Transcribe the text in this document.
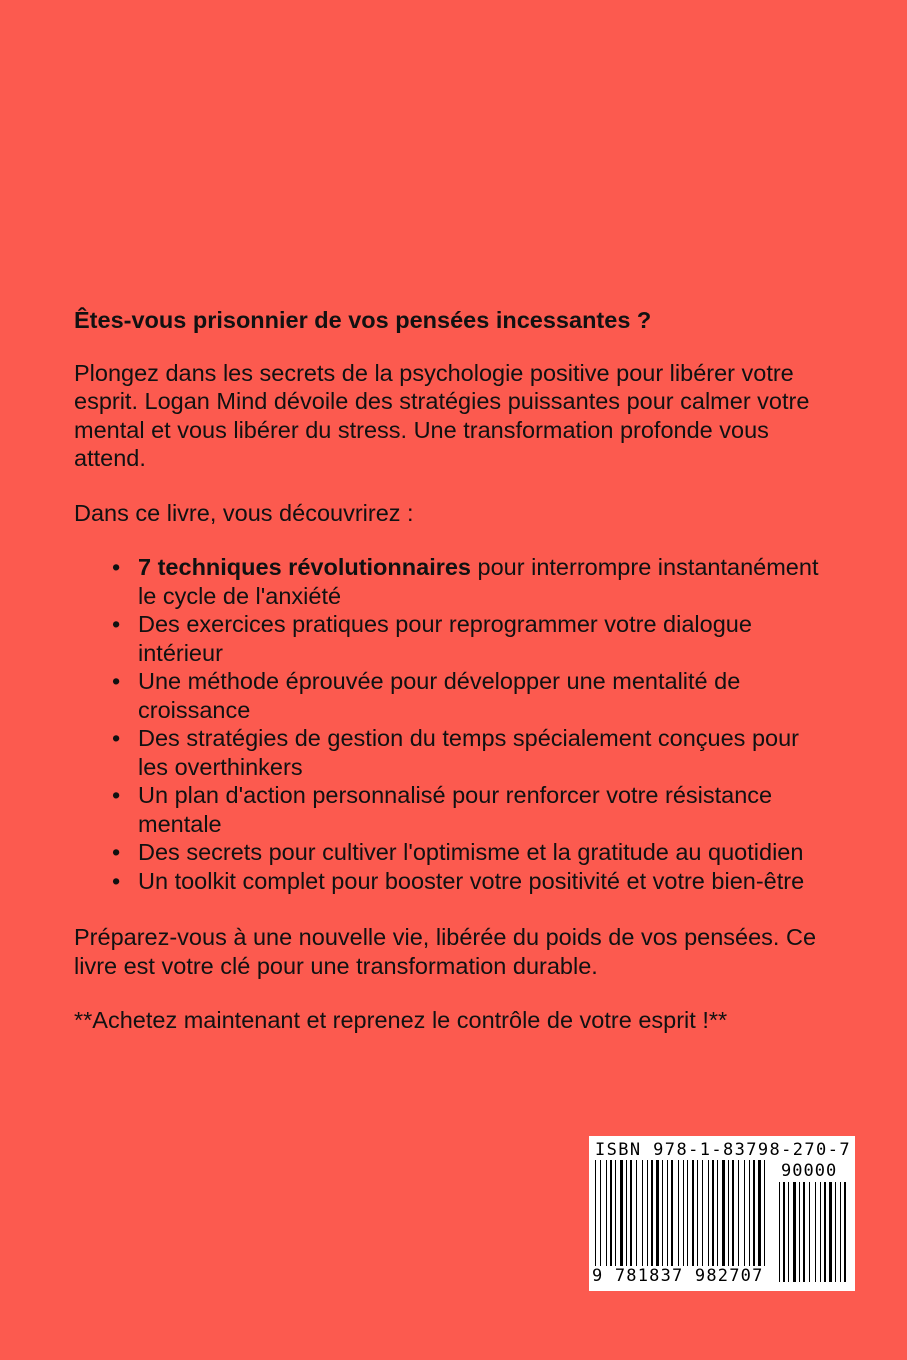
Êtes-vous prisonnier de vos pensées incessantes ?
Plongez dans les secrets de la psychologie positive pour libérer votre esprit. Logan Mind dévoile des stratégies puissantes pour calmer votre mental et vous libérer du stress. Une transformation profonde vous attend.
Dans ce livre, vous découvrirez :
• 7 techniques révolutionnaires pour interrompre instantanément le cycle de l'anxiété
• Des exercices pratiques pour reprogrammer votre dialogue intérieur
• Une méthode éprouvée pour développer une mentalité de croissance
• Des stratégies de gestion du temps spécialement conçues pour les overthinkers
• Un plan d'action personnalisé pour renforcer votre résistance mentale
• Des secrets pour cultiver l'optimisme et la gratitude au quotidien
• Un toolkit complet pour booster votre positivité et votre bien-être
Préparez-vous à une nouvelle vie, libérée du poids de vos pensées. Ce livre est votre clé pour une transformation durable.
**Achetez maintenant et reprenez le contrôle de votre esprit !**
ISBN 978-1-83798-270-7
90000
9 781837 982707
